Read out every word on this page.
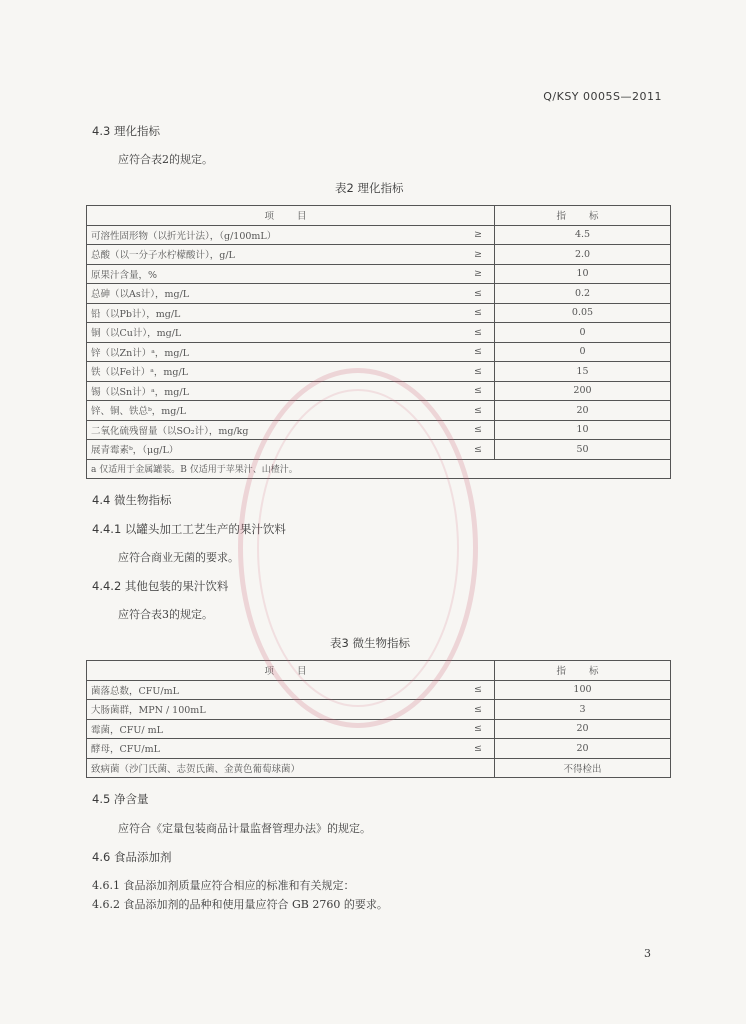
Q/KSY 0005S—2011
4.3 理化指标
应符合表2的规定。
表2 理化指标
项 目		指 标
可溶性固形物（以折光计法），（g/100mL）	≥	4.5
总酸（以一分子水柠檬酸计），g/L	≥	2.0
原果汁含量，%	≥	10
总砷（以As计），mg/L	≤	0.2
铅（以Pb计），mg/L	≤	0.05
铜（以Cu计），mg/L	≤	0
锌（以Zn计）ᵃ，mg/L	≤	0
铁（以Fe计）ᵃ，mg/L	≤	15
锡（以Sn计）ᵃ，mg/L	≤	200
锌、铜、铁总ᵇ，mg/L	≤	20
二氧化硫残留量（以SO₂计），mg/kg	≤	10
展青霉素ᵇ，（μg/L）	≤	50
a 仅适用于金属罐装。B 仅适用于苹果汁、山楂汁。		
4.4 微生物指标
4.4.1 以罐头加工工艺生产的果汁饮料
应符合商业无菌的要求。
4.4.2 其他包装的果汁饮料
应符合表3的规定。
表3 微生物指标
项 目		指 标
菌落总数，CFU/mL	≤	100
大肠菌群，MPN / 100mL	≤	3
霉菌，CFU/ mL	≤	20
酵母，CFU/mL	≤	20
致病菌（沙门氏菌、志贺氏菌、金黄色葡萄球菌）		不得检出
4.5 净含量
应符合《定量包装商品计量监督管理办法》的规定。
4.6 食品添加剂
4.6.1 食品添加剂质量应符合相应的标准和有关规定：
4.6.2 食品添加剂的品种和使用量应符合 GB 2760 的要求。
3
